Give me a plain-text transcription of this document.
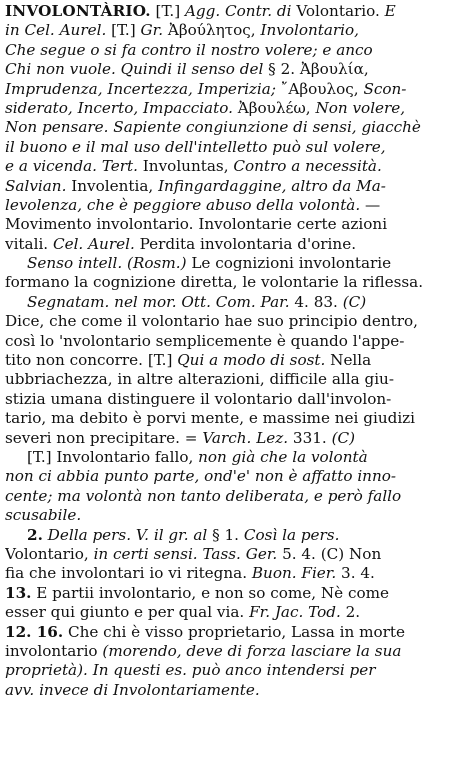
INVOLONTÀRIO. [T.] Agg. Contr. di Volontario. E
in Cel. Aurel. [T.] Gr. Ἀβούλητος, Involontario,
Che segue o si fa contro il nostro volere; e anco
Chi non vuole. Quindi il senso del § 2. Ἀβουλία,
Imprudenza, Incertezza, Imperizia; ῎Αβουλος, Scon-
siderato, Incerto, Impacciato. Ἀβουλέω, Non volere,
Non pensare. Sapiente congiunzione di sensi, giacchè
il buono e il mal uso dell'intelletto può sul volere,
e a vicenda. Tert. Involuntas, Contro a necessità.
Salvian. Involentia, Infingardaggine, altro da Ma-
levolenza, che è peggiore abuso della volontà. —
Movimento involontario. Involontarie certe azioni
vitali. Cel. Aurel. Perdita involontaria d'orine.
Senso intell. (Rosm.) Le cognizioni involontarie
formano la cognizione diretta, le volontarie la riflessa.
Segnatam. nel mor. Ott. Com. Par. 4. 83. (C)
Dice, che come il volontario hae suo principio dentro,
così lo 'nvolontario semplicemente è quando l'appe-
tito non concorre. [T.] Qui a modo di sost. Nella
ubbriachezza, in altre alterazioni, difficile alla giu-
stizia umana distinguere il volontario dall'involon-
tario, ma debito è porvi mente, e massime nei giudizi
severi non precipitare. = Varch. Lez. 331. (C)
[T.] Involontario fallo, non già che la volontà
non ci abbia punto parte, ond'e' non è affatto inno-
cente; ma volontà non tanto deliberata, e però fallo
scusabile.
2. Della pers. V. il gr. al § 1. Così la pers.
Volontario, in certi sensi. Tass. Ger. 5. 4. (C) Non
fia che involontari io vi ritegna. Buon. Fier. 3. 4.
13. E partii involontario, e non so come, Nè come
esser qui giunto e per qual via. Fr. Jac. Tod. 2.
12. 16. Che chi è visso proprietario, Lassa in morte
involontario (morendo, deve di forza lasciare la sua
proprietà). In questi es. può anco intendersi per
avv. invece di Involontariamente.
